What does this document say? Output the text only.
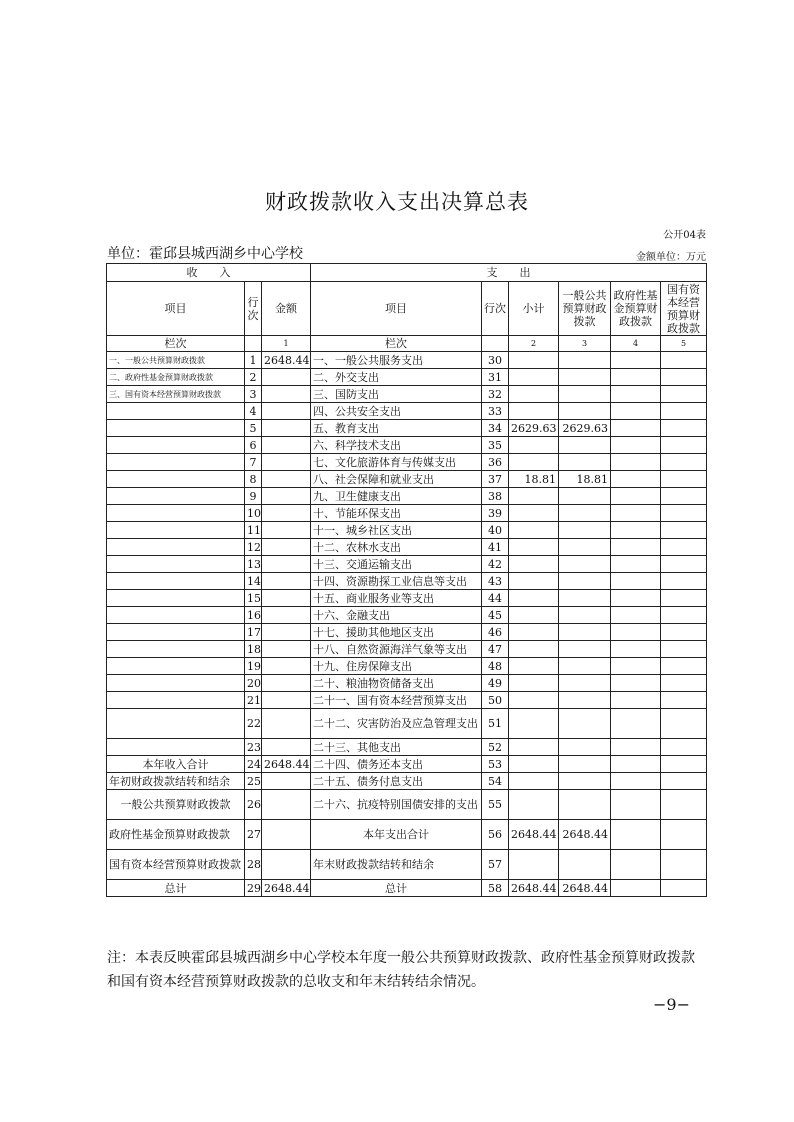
财政拨款收入支出决算总表
公开04表
单位：霍邱县城西湖乡中心学校	金额单位：万元
收　　入			支　　出					
项目	行次	金额	项目	行次	小计	一般公共预算财政拨款	政府性基金预算财政拨款	国有资本经营预算财政拨款
栏次		1	栏次		2	3	4	5
一、一般公共预算财政拨款	1	2648.44	一、一般公共服务支出	30				
二、政府性基金预算财政拨款	2		二、外交支出	31				
三、国有资本经营预算财政拨款	3		三、国防支出	32				
	4		四、公共安全支出	33				
	5		五、教育支出	34	2629.63	2629.63		
	6		六、科学技术支出	35				
	7		七、文化旅游体育与传媒支出	36				
	8		八、社会保障和就业支出	37	18.81	18.81		
	9		九、卫生健康支出	38				
	10		十、节能环保支出	39				
	11		十一、城乡社区支出	40				
	12		十二、农林水支出	41				
	13		十三、交通运输支出	42				
	14		十四、资源勘探工业信息等支出	43				
	15		十五、商业服务业等支出	44				
	16		十六、金融支出	45				
	17		十七、援助其他地区支出	46				
	18		十八、自然资源海洋气象等支出	47				
	19		十九、住房保障支出	48				
	20		二十、粮油物资储备支出	49				
	21		二十一、国有资本经营预算支出	50				
	22		二十二、灾害防治及应急管理支出	51				
	23		二十三、其他支出	52				
本年收入合计	24	2648.44	二十四、债务还本支出	53				
年初财政拨款结转和结余	25		二十五、债务付息支出	54				
一般公共预算财政拨款	26		二十六、抗疫特别国债安排的支出	55				
政府性基金预算财政拨款	27		本年支出合计	56	2648.44	2648.44		
国有资本经营预算财政拨款	28		年末财政拨款结转和结余	57				
总计	29	2648.44	总计	58	2648.44	2648.44		
注：本表反映霍邱县城西湖乡中心学校本年度一般公共预算财政拨款、政府性基金预算财政拨款和国有资本经营预算财政拨款的总收支和年末结转结余情况。
−9−
